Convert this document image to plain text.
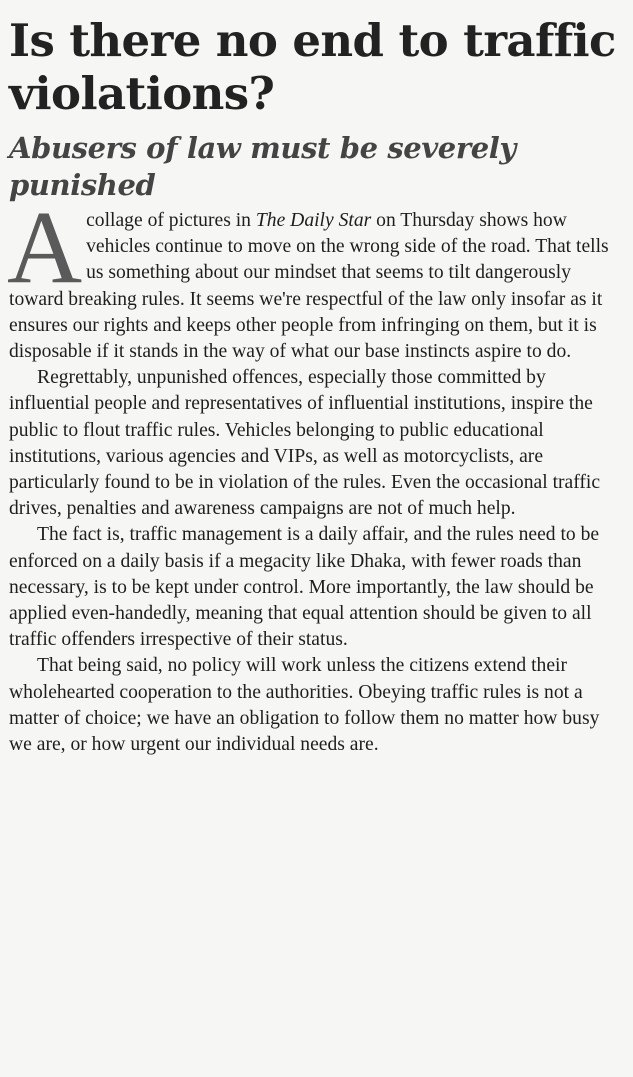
Is there no end to traffic violations?
Abusers of law must be severely punished

A collage of pictures in The Daily Star on Thursday shows how vehicles continue to move on the wrong side of the road. That tells us something about our mindset that seems to tilt dangerously toward breaking rules. It seems we're respectful of the law only insofar as it ensures our rights and keeps other people from infringing on them, but it is disposable if it stands in the way of what our base instincts aspire to do.

Regrettably, unpunished offences, especially those committed by influential people and representatives of influential institutions, inspire the public to flout traffic rules. Vehicles belonging to public educational institutions, various agencies and VIPs, as well as motorcyclists, are particularly found to be in violation of the rules. Even the occasional traffic drives, penalties and awareness campaigns are not of much help.

The fact is, traffic management is a daily affair, and the rules need to be enforced on a daily basis if a megacity like Dhaka, with fewer roads than necessary, is to be kept under control. More importantly, the law should be applied even-handedly, meaning that equal attention should be given to all traffic offenders irrespective of their status.

That being said, no policy will work unless the citizens extend their wholehearted cooperation to the authorities. Obeying traffic rules is not a matter of choice; we have an obligation to follow them no matter how busy we are, or how urgent our individual needs are.
